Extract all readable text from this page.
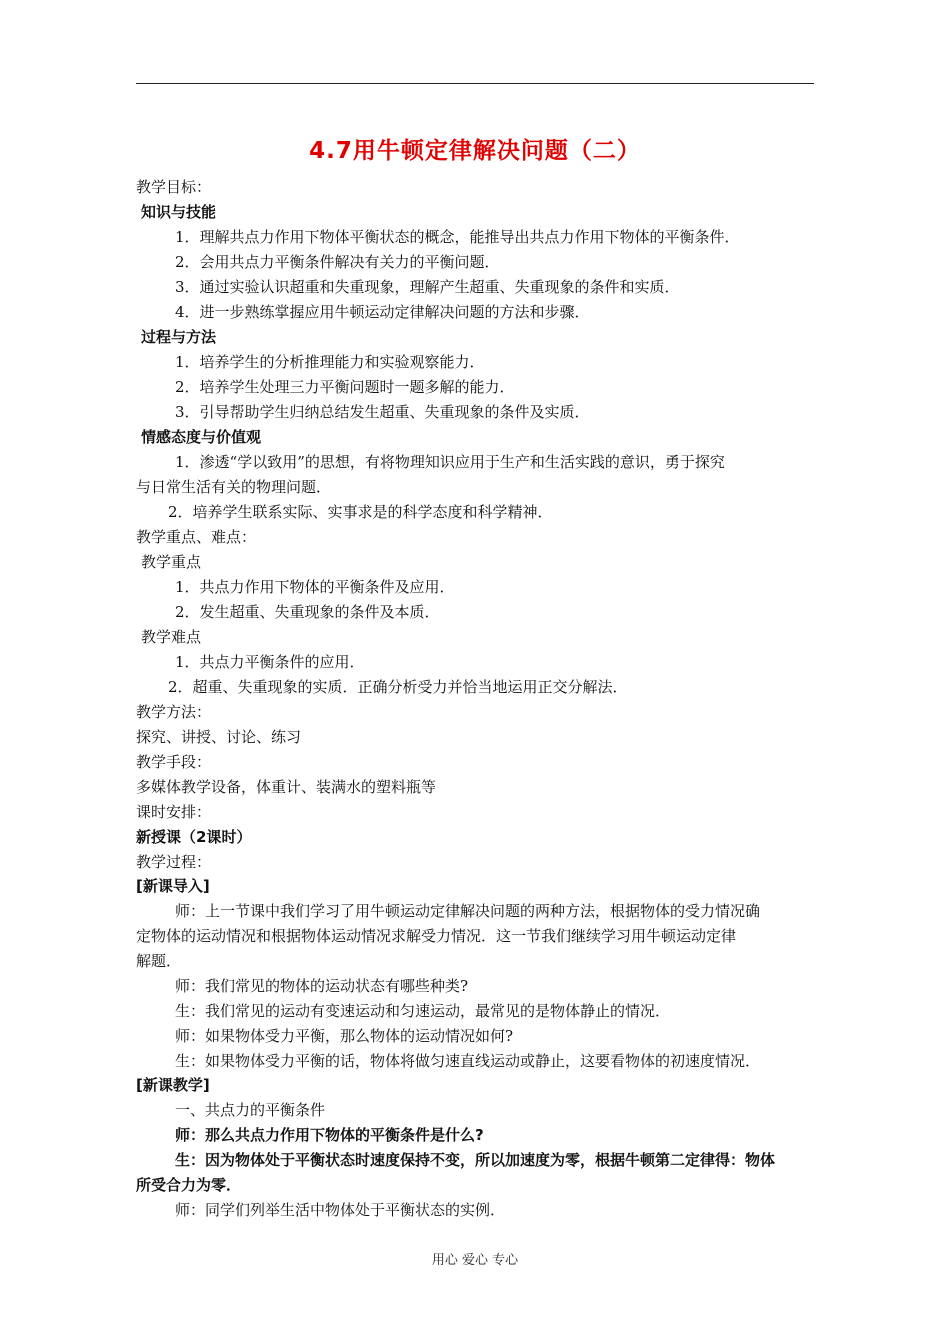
4.7用牛顿定律解决问题（二）
教学目标：
知识与技能
1．理解共点力作用下物体平衡状态的概念，能推导出共点力作用下物体的平衡条件．
2．会用共点力平衡条件解决有关力的平衡问题．
3．通过实验认识超重和失重现象，理解产生超重、失重现象的条件和实质．
4．进一步熟练掌握应用牛顿运动定律解决问题的方法和步骤．
过程与方法
1．培养学生的分析推理能力和实验观察能力．
2．培养学生处理三力平衡问题时一题多解的能力．
3．引导帮助学生归纳总结发生超重、失重现象的条件及实质．
情感态度与价值观
1．渗透“学以致用”的思想，有将物理知识应用于生产和生活实践的意识，勇于探究
与日常生活有关的物理问题．
2．培养学生联系实际、实事求是的科学态度和科学精神．
教学重点、难点：
教学重点
1．共点力作用下物体的平衡条件及应用．
2．发生超重、失重现象的条件及本质．
教学难点
1．共点力平衡条件的应用．
2．超重、失重现象的实质．正确分析受力并恰当地运用正交分解法．
教学方法：
探究、讲授、讨论、练习
教学手段：
多媒体教学设备，体重计、装满水的塑料瓶等
课时安排：
新授课（2课时）
教学过程：
[新课导入]
师：上一节课中我们学习了用牛顿运动定律解决问题的两种方法，根据物体的受力情况确
定物体的运动情况和根据物体运动情况求解受力情况．这一节我们继续学习用牛顿运动定律
解题．
师：我们常见的物体的运动状态有哪些种类?
生：我们常见的运动有变速运动和匀速运动，最常见的是物体静止的情况．
师：如果物体受力平衡，那么物体的运动情况如何?
生：如果物体受力平衡的话，物体将做匀速直线运动或静止，这要看物体的初速度情况．
[新课教学]
一、共点力的平衡条件
师：那么共点力作用下物体的平衡条件是什么?
生：因为物体处于平衡状态时速度保持不变，所以加速度为零，根据牛顿第二定律得：物体
所受合力为零．
师：同学们列举生活中物体处于平衡状态的实例．
用心 爱心 专心
